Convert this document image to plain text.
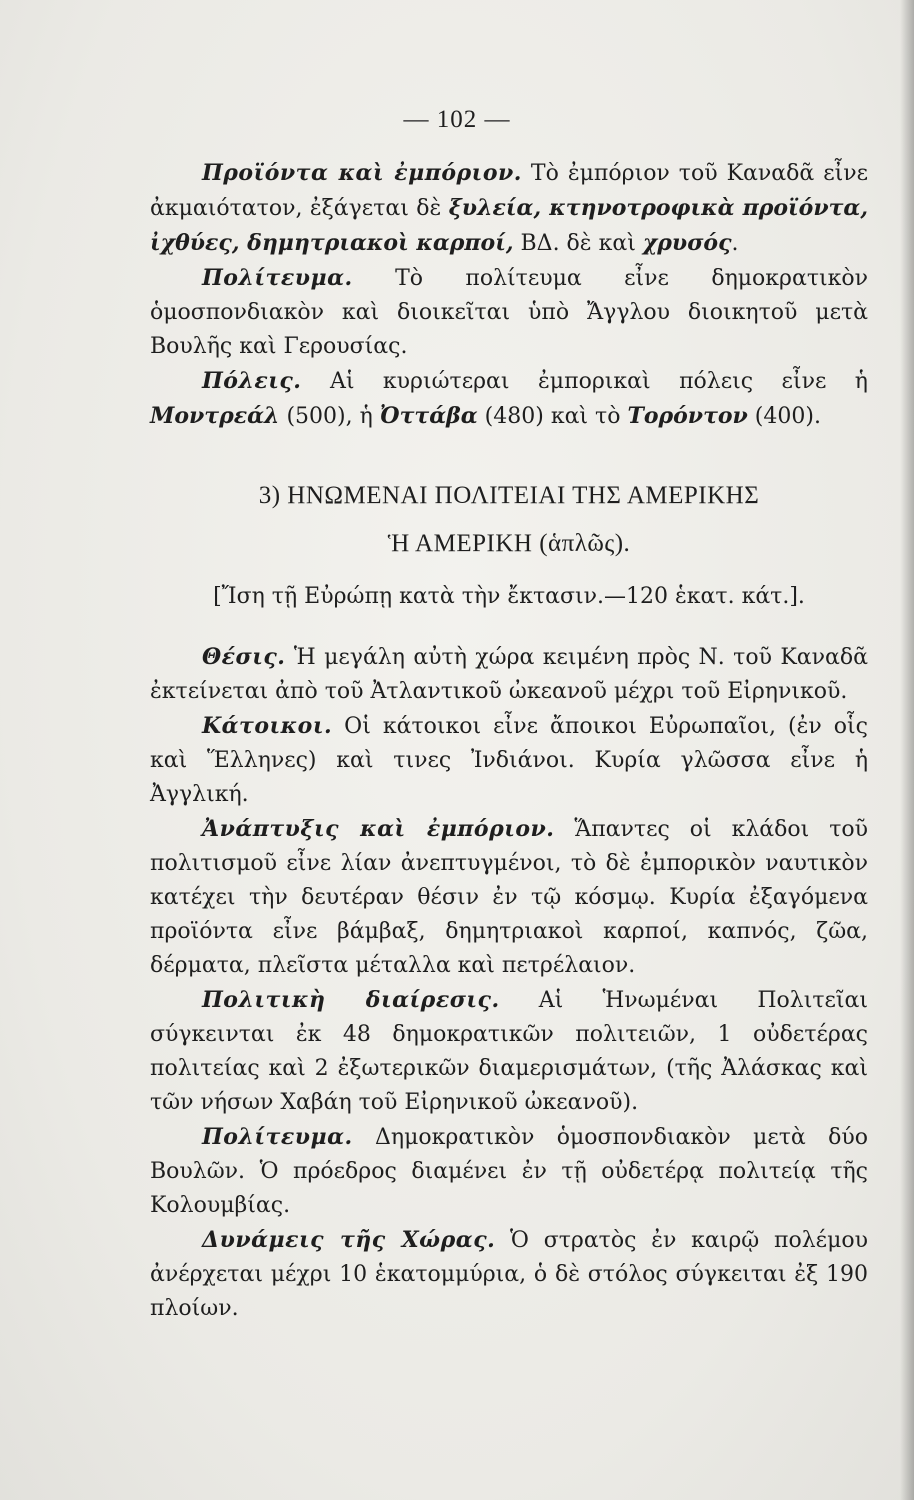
— 102 —

Προϊόντα καὶ ἐμπόριον. Τὸ ἐμπόριον τοῦ Καναδᾶ εἶνε ἀκμαιότατον, ἐξάγεται δὲ ξυλεία, κτηνοτροφικὰ προϊόντα, ἰχθύες, δημητριακοὶ καρποί, ΒΔ. δὲ καὶ χρυσός.

Πολίτευμα. Τὸ πολίτευμα εἶνε δημοκρατικὸν ὁμοσπονδιακὸν καὶ διοικεῖται ὑπὸ Ἄγγλου διοικητοῦ μετὰ Βουλῆς καὶ Γερουσίας.

Πόλεις. Αἱ κυριώτεραι ἐμπορικαὶ πόλεις εἶνε ἡ Μοντρεάλ (500), ἡ Ὀττάβα (480) καὶ τὸ Τορόντον (400).

3) ΗΝΩΜΕΝΑΙ ΠΟΛΙΤΕΙΑΙ ΤΗΣ ΑΜΕΡΙΚΗΣ
Ἡ ΑΜΕΡΙΚΗ (ἁπλῶς).
[Ἴση τῇ Εὐρώπῃ κατὰ τὴν ἔκτασιν.—120 ἑκατ. κάτ.].

Θέσις. Ἡ μεγάλη αὐτὴ χώρα κειμένη πρὸς Ν. τοῦ Καναδᾶ ἐκτείνεται ἀπὸ τοῦ Ἀτλαντικοῦ ὠκεανοῦ μέχρι τοῦ Εἰρηνικοῦ.

Κάτοικοι. Οἱ κάτοικοι εἶνε ἄποικοι Εὐρωπαῖοι, (ἐν οἷς καὶ Ἕλληνες) καὶ τινες Ἰνδιάνοι. Κυρία γλῶσσα εἶνε ἡ Ἀγγλική.

Ἀνάπτυξις καὶ ἐμπόριον. Ἅπαντες οἱ κλάδοι τοῦ πολιτισμοῦ εἶνε λίαν ἀνεπτυγμένοι, τὸ δὲ ἐμπορικὸν ναυτικὸν κατέχει τὴν δευτέραν θέσιν ἐν τῷ κόσμῳ. Κυρία ἐξαγόμενα προϊόντα εἶνε βάμβαξ, δημητριακοὶ καρποί, καπνός, ζῶα, δέρματα, πλεῖστα μέταλλα καὶ πετρέλαιον.

Πολιτικὴ διαίρεσις. Αἱ Ἡνωμέναι Πολιτεῖαι σύγκεινται ἐκ 48 δημοκρατικῶν πολιτειῶν, 1 οὐδετέρας πολιτείας καὶ 2 ἐξωτερικῶν διαμερισμάτων, (τῆς Ἀλάσκας καὶ τῶν νήσων Χαβάη τοῦ Εἰρηνικοῦ ὠκεανοῦ).

Πολίτευμα. Δημοκρατικὸν ὁμοσπονδιακὸν μετὰ δύο Βουλῶν. Ὁ πρόεδρος διαμένει ἐν τῇ οὐδετέρᾳ πολιτείᾳ τῆς Κολουμβίας.

Δυνάμεις τῆς Χώρας. Ὁ στρατὸς ἐν καιρῷ πολέμου ἀνέρχεται μέχρι 10 ἑκατομμύρια, ὁ δὲ στόλος σύγκειται ἐξ 190 πλοίων.
